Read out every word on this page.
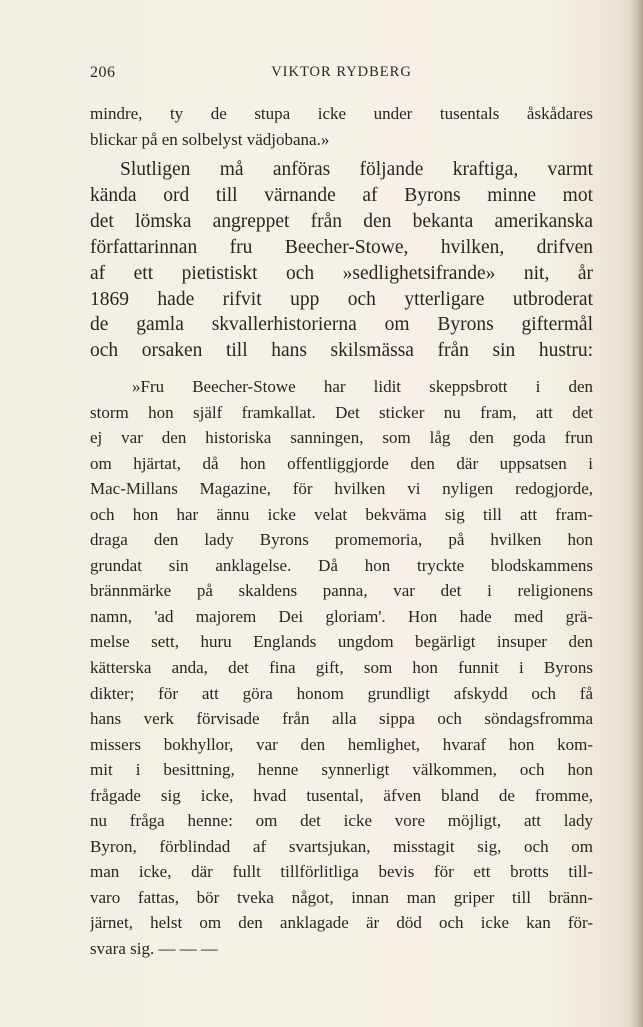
206	VIKTOR RYDBERG
mindre, ty de stupa icke under tusentals åskådares
blickar på en solbelyst vädjobana.»
Slutligen må anföras följande kraftiga, varmt
kända ord till värnande af Byrons minne mot
det lömska angreppet från den bekanta amerikanska
författarinnan fru Beecher-Stowe, hvilken, drifven
af ett pietistiskt och »sedlighetsifrande» nit, år
1869 hade rifvit upp och ytterligare utbroderat
de gamla skvallerhistorierna om Byrons giftermål
och orsaken till hans skilsmässa från sin hustru:
»Fru Beecher-Stowe har lidit skeppsbrott i den
storm hon själf framkallat. Det sticker nu fram, att det
ej var den historiska sanningen, som låg den goda frun
om hjärtat, då hon offentliggjorde den där uppsatsen i
Mac-Millans Magazine, för hvilken vi nyligen redogjorde,
och hon har ännu icke velat bekväma sig till att fram-
draga den lady Byrons promemoria, på hvilken hon
grundat sin anklagelse. Då hon tryckte blodskammens
brännmärke på skaldens panna, var det i religionens
namn, 'ad majorem Dei gloriam'. Hon hade med grä-
melse sett, huru Englands ungdom begärligt insuper den
kätterska anda, det fina gift, som hon funnit i Byrons
dikter; för att göra honom grundligt afskydd och få
hans verk förvisade från alla sippa och söndagsfromma
missers bokhyllor, var den hemlighet, hvaraf hon kom-
mit i besittning, henne synnerligt välkommen, och hon
frågade sig icke, hvad tusental, äfven bland de fromme,
nu fråga henne: om det icke vore möjligt, att lady
Byron, förblindad af svartsjukan, misstagit sig, och om
man icke, där fullt tillförlitliga bevis för ett brotts till-
varo fattas, bör tveka något, innan man griper till bränn-
järnet, helst om den anklagade är död och icke kan för-
svara sig. — — —
